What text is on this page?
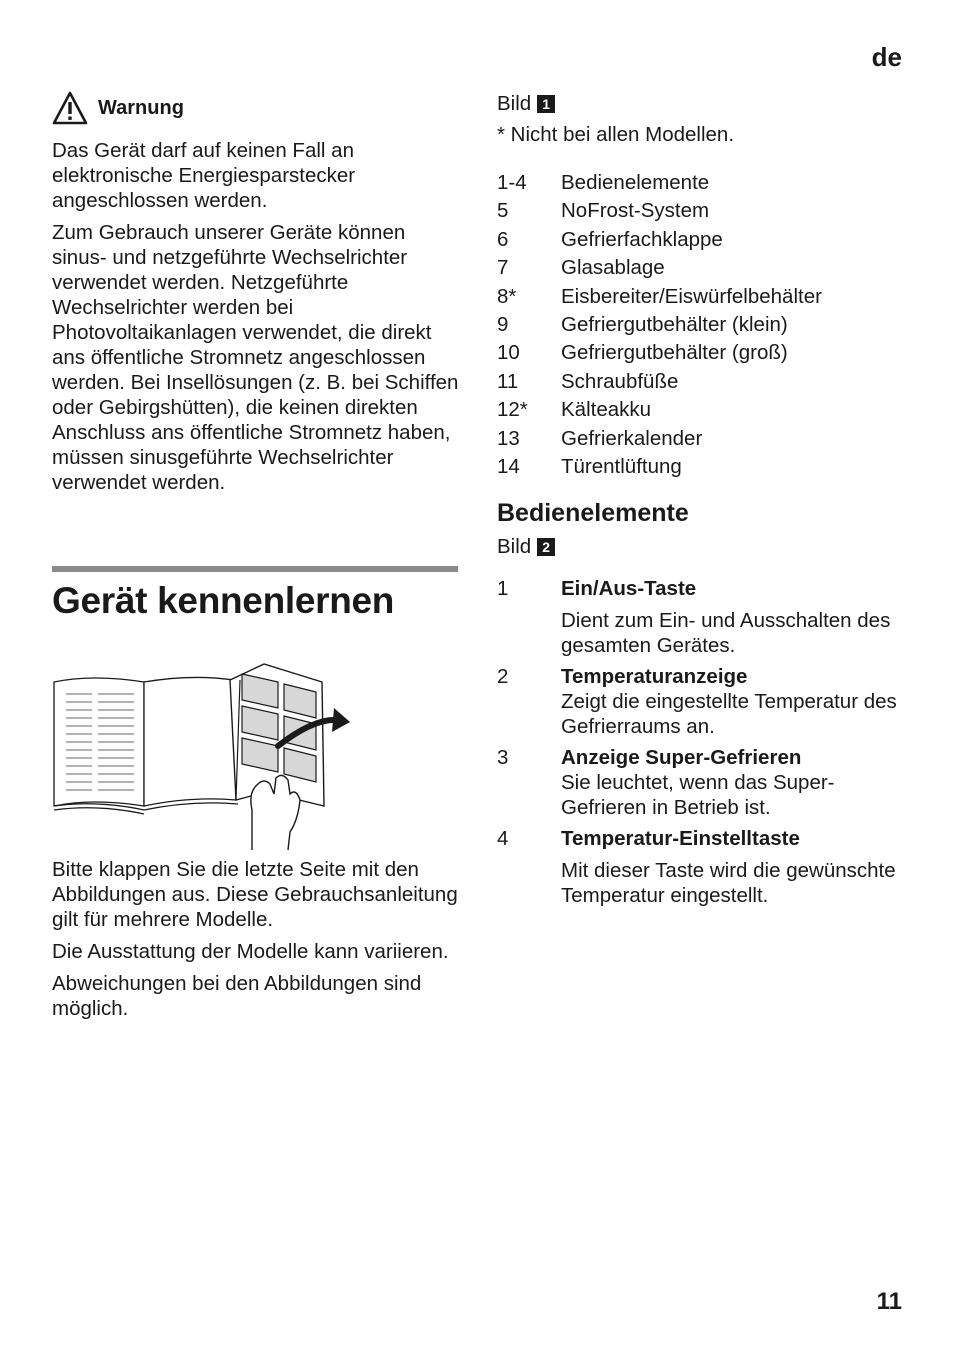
de
Warnung

Das Gerät darf auf keinen Fall an elektronische Energiesparstecker angeschlossen werden.

Zum Gebrauch unserer Geräte können sinus- und netzgeführte Wechselrichter verwendet werden. Netzgeführte Wechselrichter werden bei Photovoltaikanlagen verwendet, die direkt ans öffentliche Stromnetz angeschlossen werden. Bei Insellösungen (z. B. bei Schiffen oder Gebirgshütten), die keinen direkten Anschluss ans öffentliche Stromnetz haben, müssen sinusgeführte Wechselrichter verwendet werden.

Gerät kennenlernen

Bitte klappen Sie die letzte Seite mit den Abbildungen aus. Diese Gebrauchsanleitung gilt für mehrere Modelle.

Die Ausstattung der Modelle kann variieren.

Abweichungen bei den Abbildungen sind möglich.

Bild 1
* Nicht bei allen Modellen.
1-4	Bedienelemente
5	NoFrost-System
6	Gefrierfachklappe
7	Glasablage
8*	Eisbereiter/Eiswürfelbehälter
9	Gefriergutbehälter (klein)
10	Gefriergutbehälter (groß)
11	Schraubfüße
12*	Kälteakku
13	Gefrierkalender
14	Türentlüftung
Bedienelemente
Bild 2
1	Ein/Aus-Taste
Dient zum Ein- und Ausschalten des gesamten Gerätes.
2	Temperaturanzeige
Zeigt die eingestellte Temperatur des Gefrierraums an.
3	Anzeige Super-Gefrieren
Sie leuchtet, wenn das Super-Gefrieren in Betrieb ist.
4	Temperatur-Einstelltaste
Mit dieser Taste wird die gewünschte Temperatur eingestellt.
11
